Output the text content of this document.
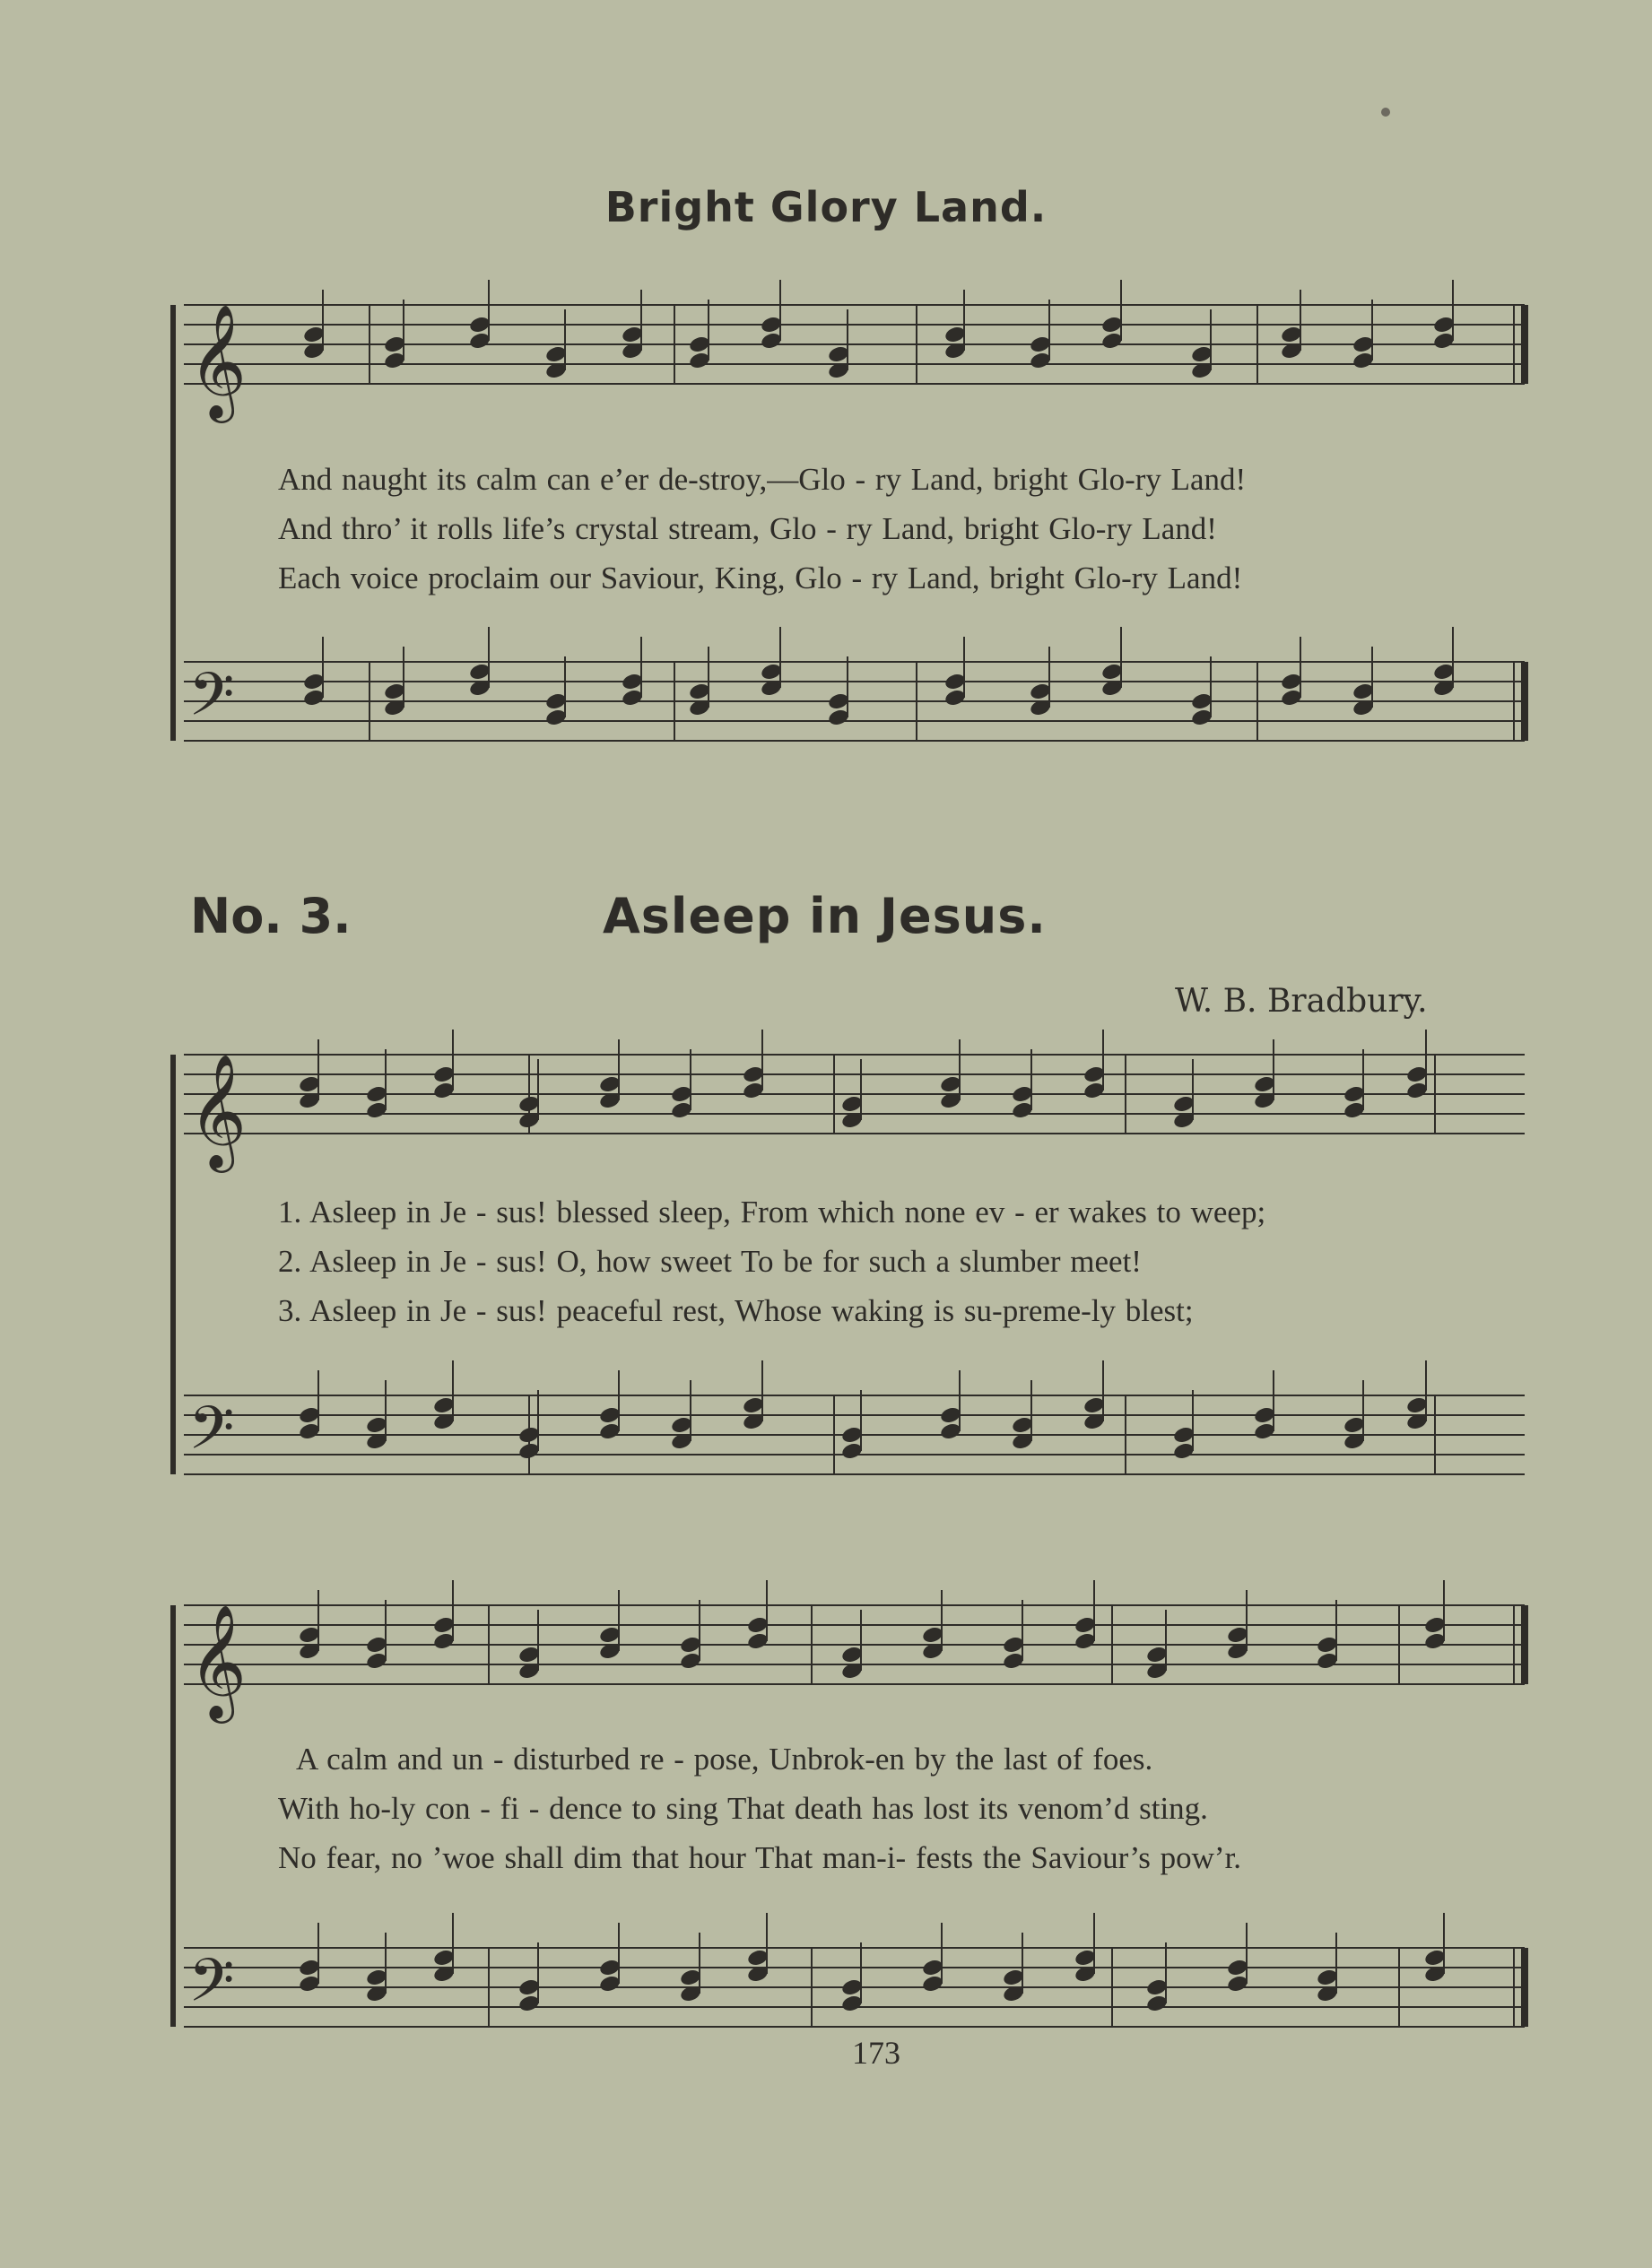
Bright Glory Land.
𝄞
𝄢
𝄞
𝄢
𝄞
𝄢
And naught its calm can e’er de-stroy,—Glo - ry Land, bright Glo-ry Land!
And thro’ it rolls life’s crystal stream, Glo - ry Land, bright Glo-ry Land!
Each voice proclaim our Saviour, King, Glo - ry Land, bright Glo-ry Land!
No. 3.	Asleep in Jesus.
W. B. Bradbury.
1. Asleep in Je - sus! blessed sleep, From which none ev - er wakes to weep;
2. Asleep in Je - sus! O, how sweet To be for such a slumber meet!
3. Asleep in Je - sus! peaceful rest, Whose waking is su-preme-ly blest;
A calm and un - disturbed re - pose, Unbrok-en by the last of foes.
With ho-ly con - fi - dence to sing That death has lost its venom’d sting.
No fear, no ’woe shall dim that hour That man-i- fests the Saviour’s pow’r.
173
